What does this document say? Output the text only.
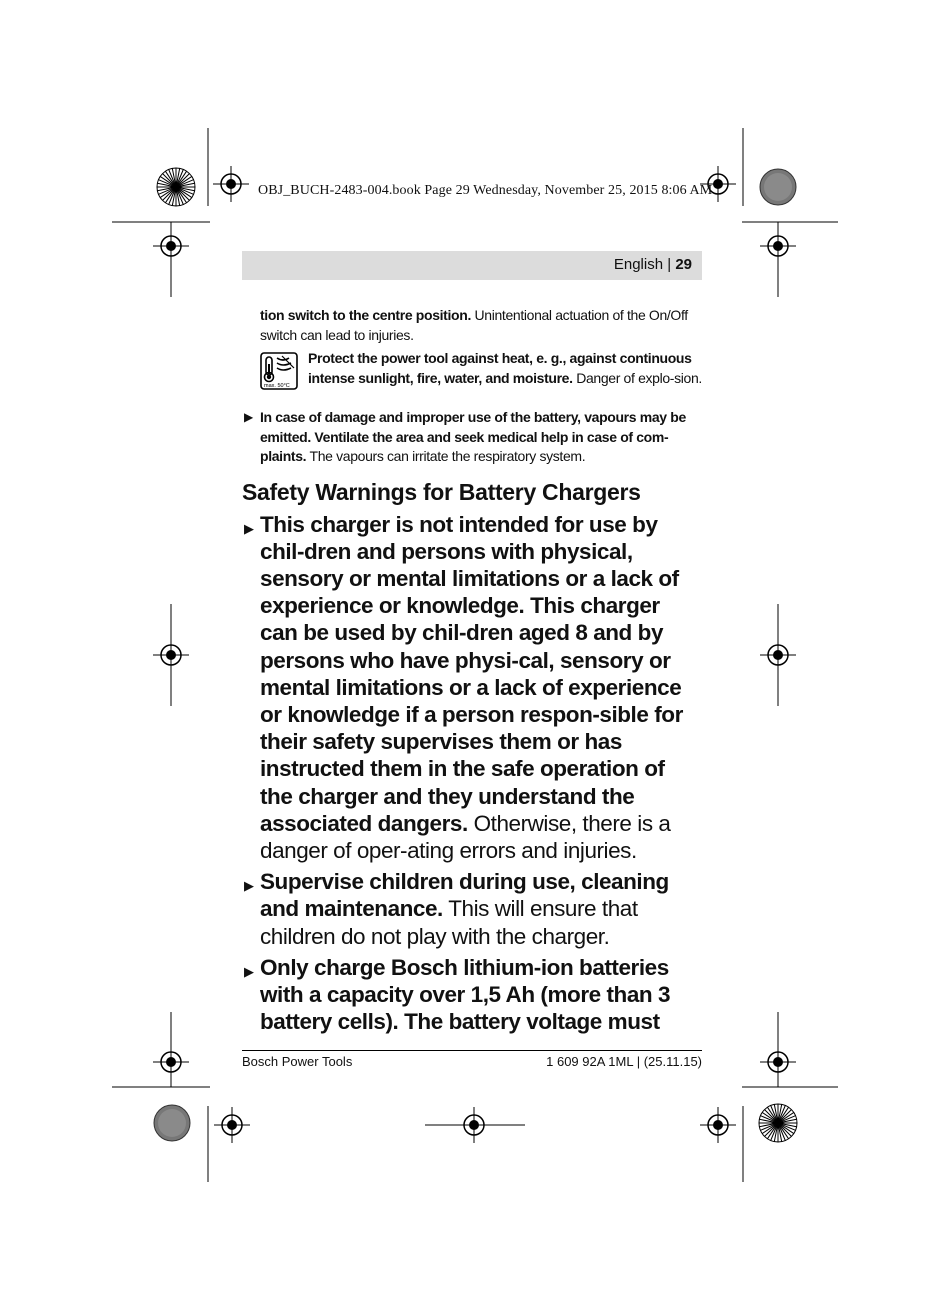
OBJ_BUCH-2483-004.book Page 29 Wednesday, November 25, 2015 8:06 AM
English | 29

tion switch to the centre position. Unintentional actuation of the On/Off switch can lead to injuries.

max. 50°C
Protect the power tool against heat, e. g., against continuous intense sunlight, fire, water, and moisture. Danger of explo-sion.
▶ In case of damage and improper use of the battery, vapours may be emitted. Ventilate the area and seek medical help in case of com-plaints. The vapours can irritate the respiratory system.
Safety Warnings for Battery Chargers
▶ This charger is not intended for use by chil-dren and persons with physical, sensory or mental limitations or a lack of experience or knowledge. This charger can be used by chil-dren aged 8 and by persons who have physi-cal, sensory or mental limitations or a lack of experience or knowledge if a person respon-sible for their safety supervises them or has instructed them in the safe operation of the charger and they understand the associated dangers. Otherwise, there is a danger of oper-ating errors and injuries.
▶ Supervise children during use, cleaning and maintenance. This will ensure that children do not play with the charger.
▶ Only charge Bosch lithium-ion batteries with a capacity over 1,5 Ah (more than 3 battery cells). The battery voltage must
Bosch Power Tools	1 609 92A 1ML | (25.11.15)
